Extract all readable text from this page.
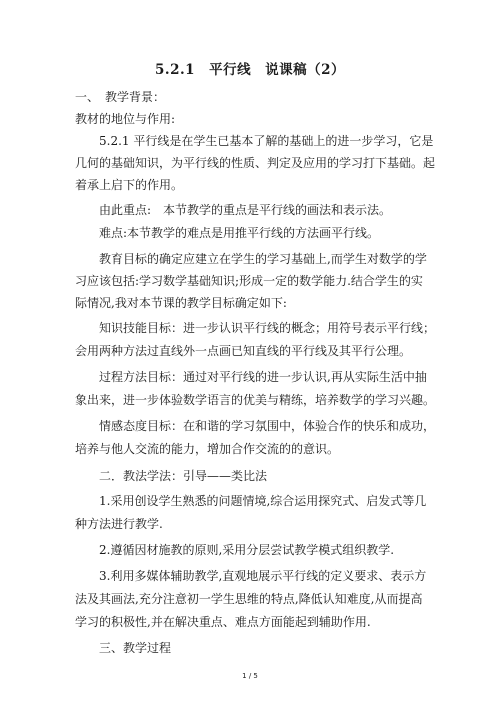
5.2.1　平行线　说课稿（2）
一、　教学背景：
教材的地位与作用:
　　5.2.1 平行线是在学生已基本了解的基础上的进一步学习，它是
几何的基础知识，为平行线的性质、判定及应用的学习打下基础。起
着承上启下的作用。
　　由此重点:　本节教学的重点是平行线的画法和表示法。
　　难点:本节教学的难点是用推平行线的方法画平行线。
　　教育目标的确定应建立在学生的学习基础上,而学生对数学的学
习应该包括:学习数学基础知识;形成一定的数学能力.结合学生的实
际情况,我对本节课的教学目标确定如下:
　　知识技能目标：进一步认识平行线的概念；用符号表示平行线；
会用两种方法过直线外一点画已知直线的平行线及其平行公理。
　　过程方法目标：通过对平行线的进一步认识,再从实际生活中抽
象出来，进一步体验数学语言的优美与精练，培养数学的学习兴趣。
　　情感态度目标：在和谐的学习氛围中，体验合作的快乐和成功，
培养与他人交流的能力，增加合作交流的的意识。
　　二．教法学法：引导——类比法
　　1.采用创设学生熟悉的问题情境,综合运用探究式、启发式等几
种方法进行教学.
　　2.遵循因材施教的原则,采用分层尝试教学模式组织教学.
　　3.利用多媒体辅助教学,直观地展示平行线的定义要求、表示方
法及其画法,充分注意初一学生思维的特点,降低认知难度,从而提高
学习的积极性,并在解决重点、难点方面能起到辅助作用.
　　三、教学过程
1 / 5
